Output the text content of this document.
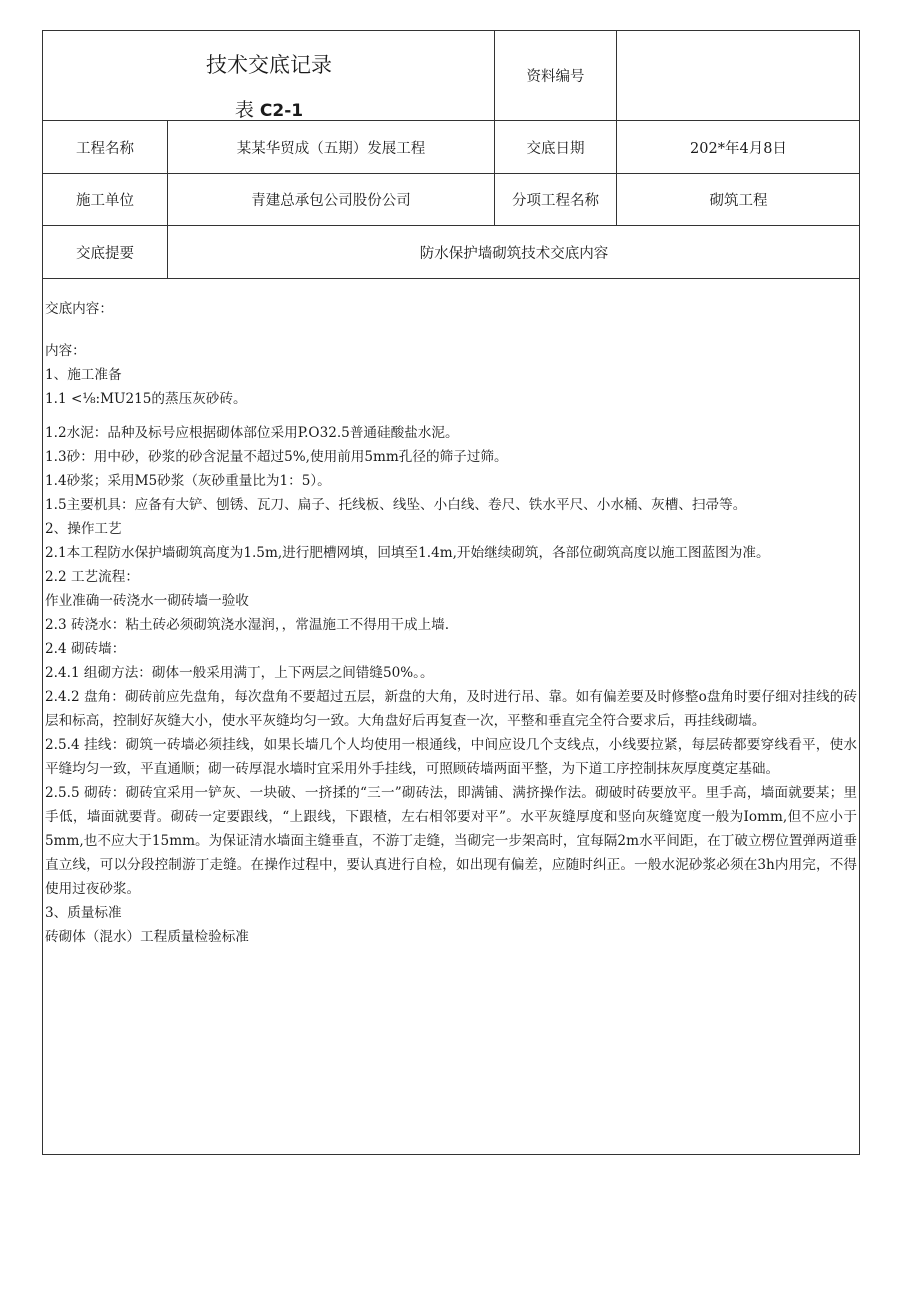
技术交底记录
表 C2-1
资料编号
工程名称	某某华贸成（五期）发展工程	交底日期	202*年4月8日
施工单位	青建总承包公司股份公司	分项工程名称	砌筑工程
交底提要	防水保护墙砌筑技术交底内容

交底内容：

内容：

1、施工准备

1.1 <⅛:MU215的蒸压灰砂砖。

1.2水泥：品种及标号应根据砌体部位采用P.O32.5普通硅酸盐水泥。

1.3砂：用中砂，砂浆的砂含泥量不超过5%,使用前用5mm孔径的筛子过筛。

1.4砂浆；采用M5砂浆（灰砂重量比为1：5）。

1.5主要机具：应备有大铲、刨锈、瓦刀、扁子、托线板、线坠、小白线、卷尺、铁水平尺、小水桶、灰槽、扫帚等。

2、操作工艺

2.1本工程防水保护墙砌筑高度为1.5m,进行肥槽网填，回填至1.4m,开始继续砌筑，各部位砌筑高度以施工图蓝图为准。

2.2 工艺流程：

作业准确一砖浇水一砌砖墙一验收

2.3 砖浇水：粘土砖必须砌筑浇水湿润，，常温施工不得用干成上墙.

2.4 砌砖墙：

2.4.1 组砌方法：砌体一般采用满丁，上下两层之间错缝50%。。

2.4.2 盘角：砌砖前应先盘角，每次盘角不要超过五层，新盘的大角，及时进行吊、靠。如有偏差要及时修整o盘角时要仔细对挂线的砖层和标高，控制好灰缝大小，使水平灰缝均匀一致。大角盘好后再复查一次，平整和垂直完全符合要求后，再挂线砌墙。

2.5.4 挂线：砌筑一砖墙必须挂线，如果长墙几个人均使用一根通线，中间应设几个支线点，小线要拉紧，每层砖都要穿线看平，使水平缝均匀一致，平直通顺；砌一砖厚混水墙时宜采用外手挂线，可照顾砖墙两面平整，为下道工序控制抹灰厚度奠定基础。

2.5.5 砌砖：砌砖宜采用一铲灰、一块破、一挤揉的“三一”砌砖法，即满铺、满挤操作法。砌破时砖要放平。里手高，墙面就要某；里手低，墙面就要背。砌砖一定要跟线，“上跟线，下跟楂，左右相邻要对平”。水平灰缝厚度和竖向灰缝宽度一般为Iomm,但不应小于5mm,也不应大于15mm。为保证清水墙面主缝垂直，不游丁走缝，当砌完一步架高时，宜每隔2m水平间距，在丁破立楞位置弹两道垂直立线，可以分段控制游丁走缝。在操作过程中，要认真进行自检，如出现有偏差，应随时纠正。一般水泥砂浆必须在3h内用完，不得使用过夜砂浆。

3、质量标准

砖砌体（混水）工程质量检验标准
